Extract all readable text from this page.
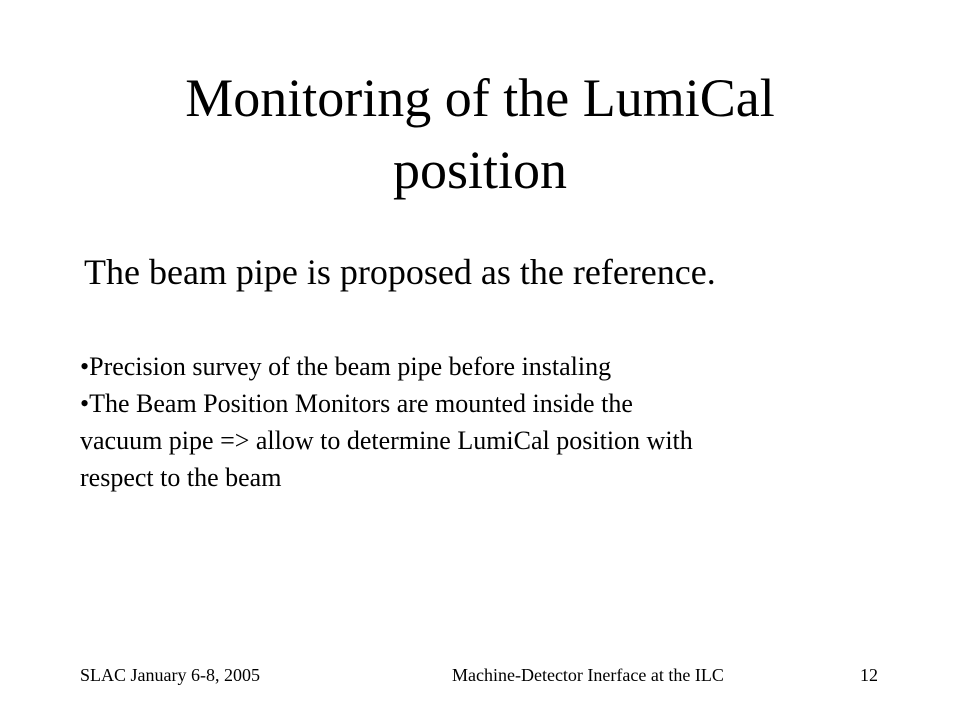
Monitoring of the LumiCal
position
The beam pipe is proposed as the reference.
•Precision survey of the beam pipe before instaling
•The Beam Position Monitors are mounted inside the
vacuum pipe => allow to determine LumiCal position with
respect to the beam
SLAC January 6-8, 2005	Machine-Detector Inerface at the ILC	12
